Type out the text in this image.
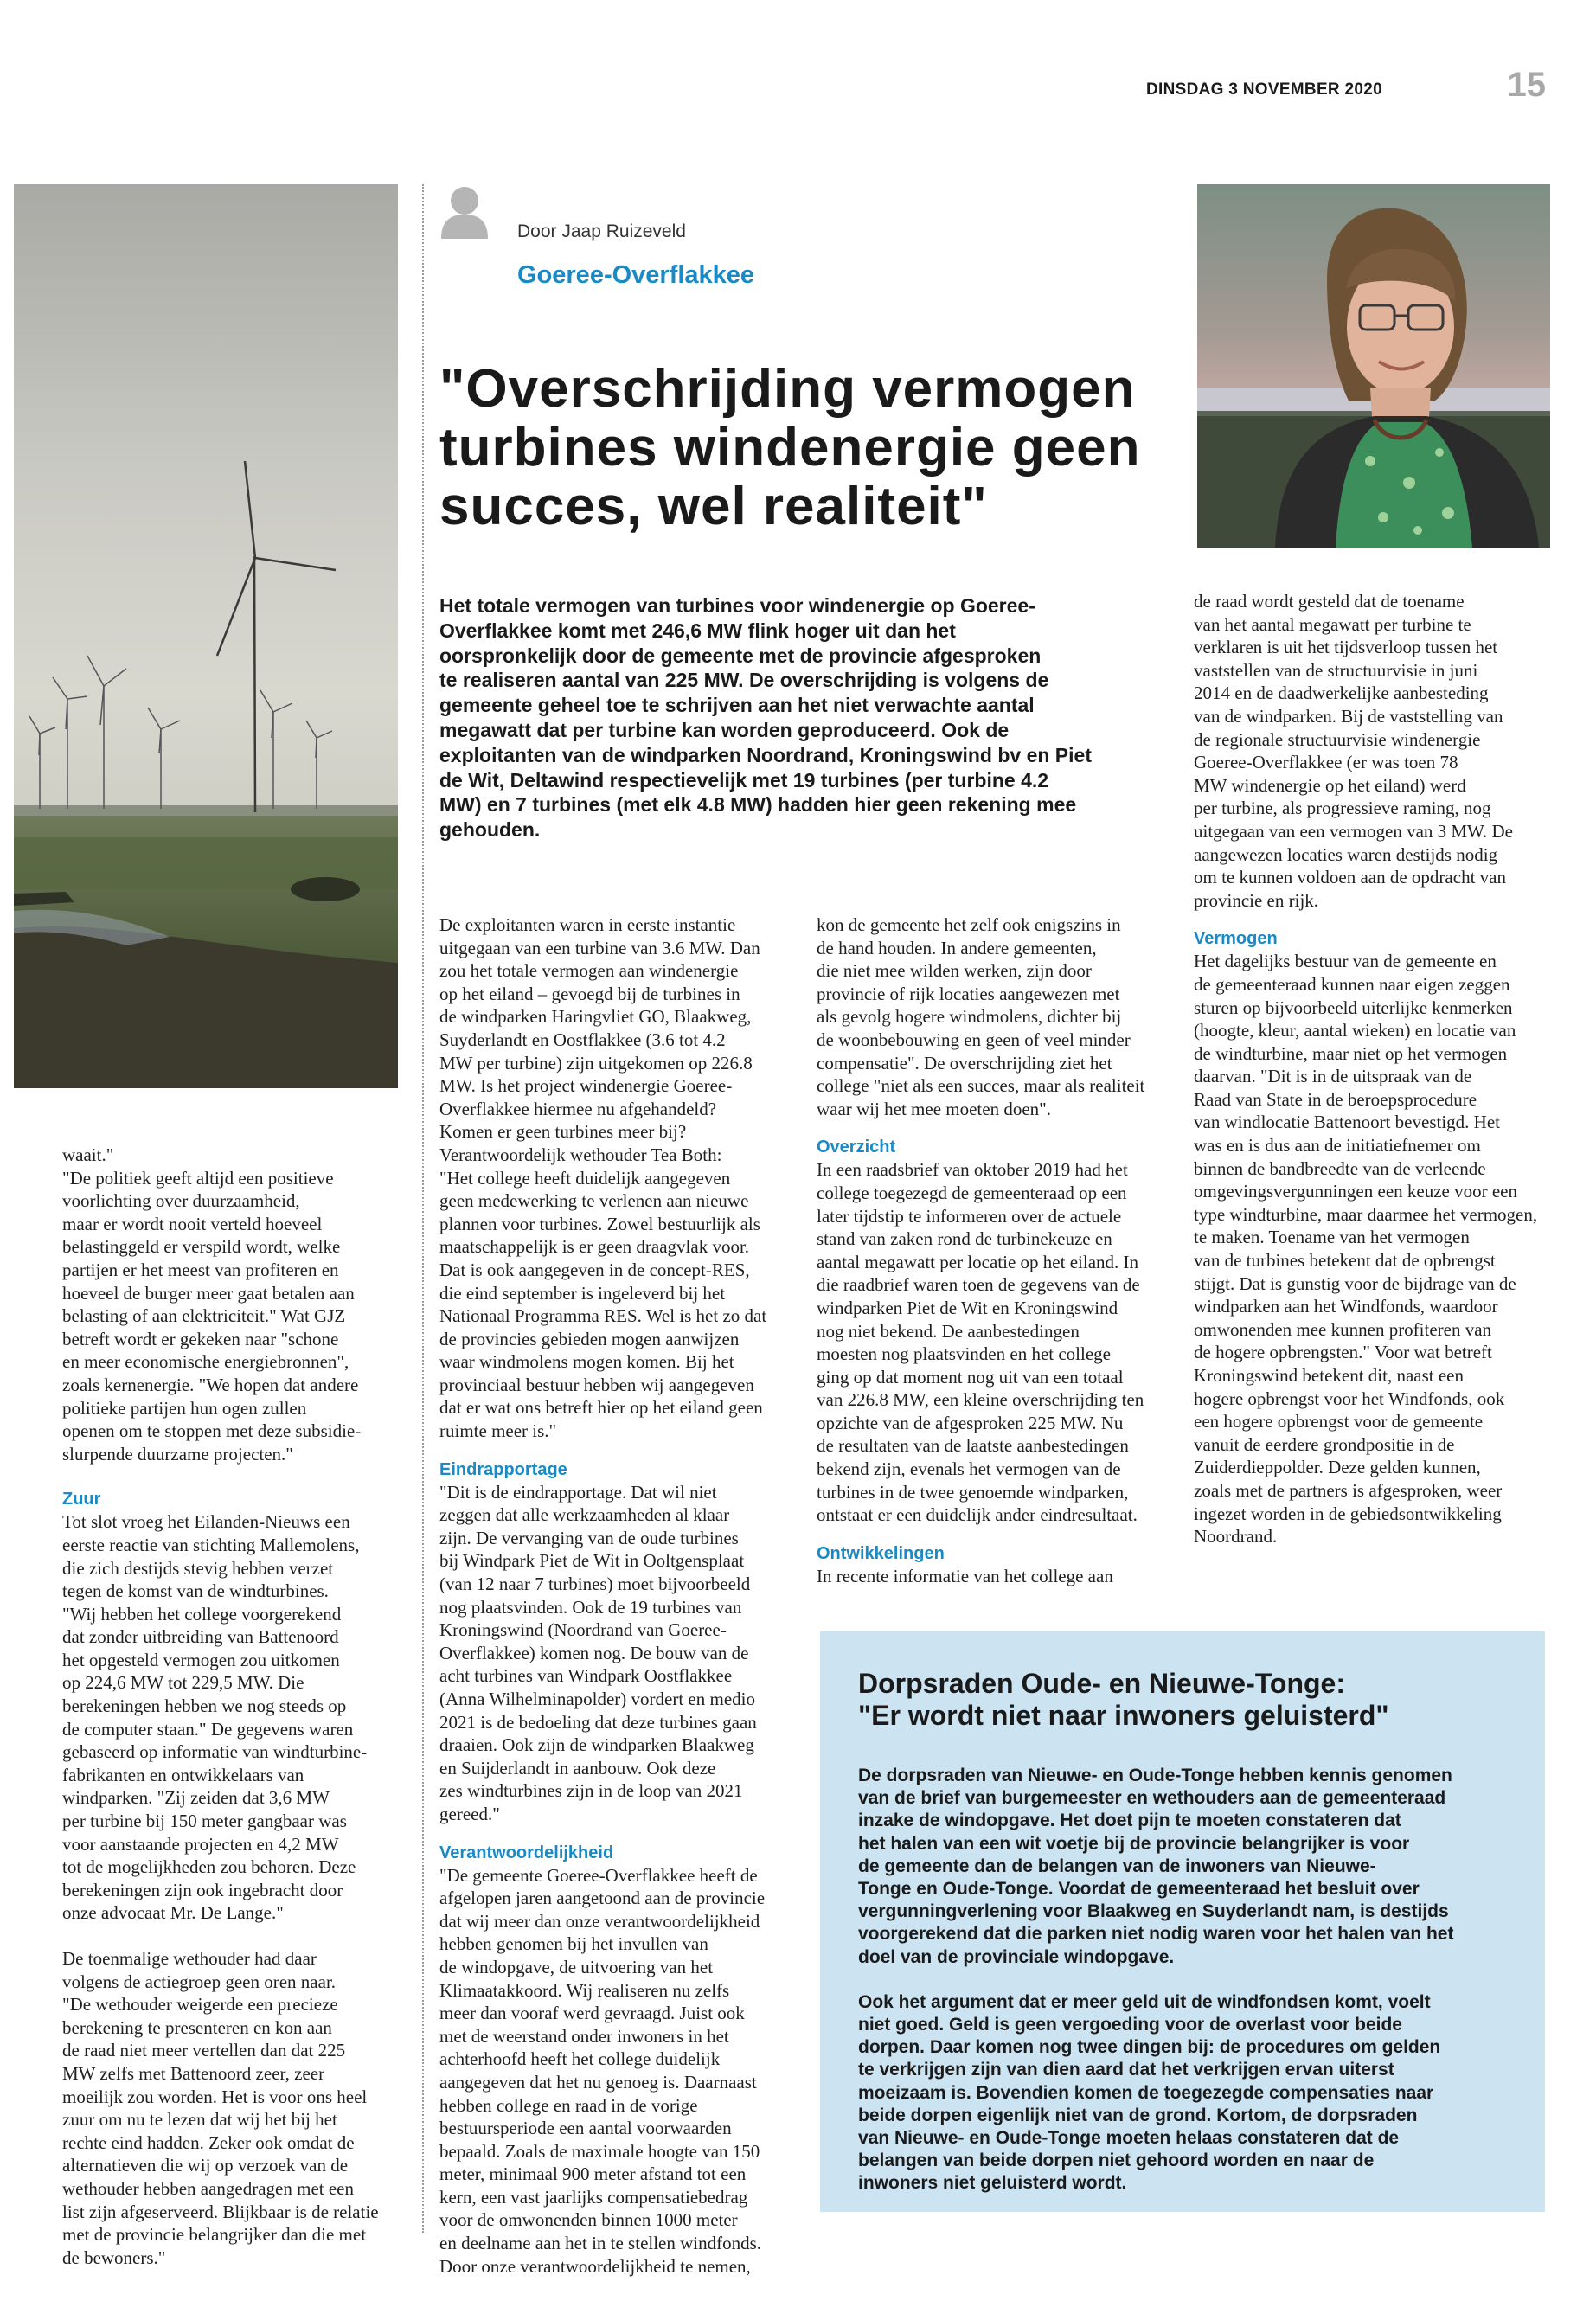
DINSDAG 3 NOVEMBER 2020	15
Door Jaap Ruizeveld
Goeree-Overflakkee
"Overschrijding vermogen
turbines windenergie geen
succes, wel realiteit"
Het totale vermogen van turbines voor windenergie op Goeree-
Overflakkee komt met 246,6 MW flink hoger uit dan het
oorspronkelijk door de gemeente met de provincie afgesproken
te realiseren aantal van 225 MW. De overschrijding is volgens de
gemeente geheel toe te schrijven aan het niet verwachte aantal
megawatt dat per turbine kan worden geproduceerd. Ook de
exploitanten van de windparken Noordrand, Kroningswind bv en Piet
de Wit, Deltawind respectievelijk met 19 turbines (per turbine 4.2
MW) en 7 turbines (met elk 4.8 MW) hadden hier geen rekening mee
gehouden.

waait."
"De politiek geeft altijd een positieve
voorlichting over duurzaamheid,
maar er wordt nooit verteld hoeveel
belastinggeld er verspild wordt, welke
partijen er het meest van profiteren en
hoeveel de burger meer gaat betalen aan
belasting of aan elektriciteit." Wat GJZ
betreft wordt er gekeken naar "schone
en meer economische energiebronnen",
zoals kernenergie. "We hopen dat andere
politieke partijen hun ogen zullen
openen om te stoppen met deze subsidie-
slurpende duurzame projecten."

Zuur

Tot slot vroeg het Eilanden-Nieuws een
eerste reactie van stichting Mallemolens,
die zich destijds stevig hebben verzet
tegen de komst van de windturbines.
"Wij hebben het college voorgerekend
dat zonder uitbreiding van Battenoord
het opgesteld vermogen zou uitkomen
op 224,6 MW tot 229,5 MW. Die
berekeningen hebben we nog steeds op
de computer staan." De gegevens waren
gebaseerd op informatie van windturbine-
fabrikanten en ontwikkelaars van
windparken. "Zij zeiden dat 3,6 MW
per turbine bij 150 meter gangbaar was
voor aanstaande projecten en 4,2 MW
tot de mogelijkheden zou behoren. Deze
berekeningen zijn ook ingebracht door
onze advocaat Mr. De Lange."

De toenmalige wethouder had daar
volgens de actiegroep geen oren naar.
"De wethouder weigerde een precieze
berekening te presenteren en kon aan
de raad niet meer vertellen dan dat 225
MW zelfs met Battenoord zeer, zeer
moeilijk zou worden. Het is voor ons heel
zuur om nu te lezen dat wij het bij het
rechte eind hadden. Zeker ook omdat de
alternatieven die wij op verzoek van de
wethouder hebben aangedragen met een
list zijn afgeserveerd. Blijkbaar is de relatie
met de provincie belangrijker dan die met
de bewoners."

De exploitanten waren in eerste instantie
uitgegaan van een turbine van 3.6 MW. Dan
zou het totale vermogen aan windenergie
op het eiland – gevoegd bij de turbines in
de windparken Haringvliet GO, Blaakweg,
Suyderlandt en Oostflakkee (3.6 tot 4.2
MW per turbine) zijn uitgekomen op 226.8
MW. Is het project windenergie Goeree-
Overflakkee hiermee nu afgehandeld?
Komen er geen turbines meer bij?
Verantwoordelijk wethouder Tea Both:
"Het college heeft duidelijk aangegeven
geen medewerking te verlenen aan nieuwe
plannen voor turbines. Zowel bestuurlijk als
maatschappelijk is er geen draagvlak voor.
Dat is ook aangegeven in de concept-RES,
die eind september is ingeleverd bij het
Nationaal Programma RES. Wel is het zo dat
de provincies gebieden mogen aanwijzen
waar windmolens mogen komen. Bij het
provinciaal bestuur hebben wij aangegeven
dat er wat ons betreft hier op het eiland geen
ruimte meer is."

Eindrapportage

"Dit is de eindrapportage. Dat wil niet
zeggen dat alle werkzaamheden al klaar
zijn. De vervanging van de oude turbines
bij Windpark Piet de Wit in Ooltgensplaat
(van 12 naar 7 turbines) moet bijvoorbeeld
nog plaatsvinden. Ook de 19 turbines van
Kroningswind (Noordrand van Goeree-
Overflakkee) komen nog. De bouw van de
acht turbines van Windpark Oostflakkee
(Anna Wilhelminapolder) vordert en medio
2021 is de bedoeling dat deze turbines gaan
draaien. Ook zijn de windparken Blaakweg
en Suijderlandt in aanbouw. Ook deze
zes windturbines zijn in de loop van 2021
gereed."

Verantwoordelijkheid

"De gemeente Goeree-Overflakkee heeft de
afgelopen jaren aangetoond aan de provincie
dat wij meer dan onze verantwoordelijkheid
hebben genomen bij het invullen van
de windopgave, de uitvoering van het
Klimaatakkoord. Wij realiseren nu zelfs
meer dan vooraf werd gevraagd. Juist ook
met de weerstand onder inwoners in het
achterhoofd heeft het college duidelijk
aangegeven dat het nu genoeg is. Daarnaast
hebben college en raad in de vorige
bestuursperiode een aantal voorwaarden
bepaald. Zoals de maximale hoogte van 150
meter, minimaal 900 meter afstand tot een
kern, een vast jaarlijks compensatiebedrag
voor de omwonenden binnen 1000 meter
en deelname aan het in te stellen windfonds.
Door onze verantwoordelijkheid te nemen,

kon de gemeente het zelf ook enigszins in
de hand houden. In andere gemeenten,
die niet mee wilden werken, zijn door
provincie of rijk locaties aangewezen met
als gevolg hogere windmolens, dichter bij
de woonbebouwing en geen of veel minder
compensatie". De overschrijding ziet het
college "niet als een succes, maar als realiteit
waar wij het mee moeten doen".

Overzicht

In een raadsbrief van oktober 2019 had het
college toegezegd de gemeenteraad op een
later tijdstip te informeren over de actuele
stand van zaken rond de turbinekeuze en
aantal megawatt per locatie op het eiland. In
die raadbrief waren toen de gegevens van de
windparken Piet de Wit en Kroningswind
nog niet bekend. De aanbestedingen
moesten nog plaatsvinden en het college
ging op dat moment nog uit van een totaal
van 226.8 MW, een kleine overschrijding ten
opzichte van de afgesproken 225 MW. Nu
de resultaten van de laatste aanbestedingen
bekend zijn, evenals het vermogen van de
turbines in de twee genoemde windparken,
ontstaat er een duidelijk ander eindresultaat.

Ontwikkelingen

In recente informatie van het college aan

de raad wordt gesteld dat de toename
van het aantal megawatt per turbine te
verklaren is uit het tijdsverloop tussen het
vaststellen van de structuurvisie in juni
2014 en de daadwerkelijke aanbesteding
van de windparken. Bij de vaststelling van
de regionale structuurvisie windenergie
Goeree-Overflakkee (er was toen 78
MW windenergie op het eiland) werd
per turbine, als progressieve raming, nog
uitgegaan van een vermogen van 3 MW. De
aangewezen locaties waren destijds nodig
om te kunnen voldoen aan de opdracht van
provincie en rijk.

Vermogen

Het dagelijks bestuur van de gemeente en
de gemeenteraad kunnen naar eigen zeggen
sturen op bijvoorbeeld uiterlijke kenmerken
(hoogte, kleur, aantal wieken) en locatie van
de windturbine, maar niet op het vermogen
daarvan. "Dit is in de uitspraak van de
Raad van State in de beroepsprocedure
van windlocatie Battenoort bevestigd. Het
was en is dus aan de initiatiefnemer om
binnen de bandbreedte van de verleende
omgevingsvergunningen een keuze voor een
type windturbine, maar daarmee het vermogen,
te maken. Toename van het vermogen
van de turbines betekent dat de opbrengst
stijgt. Dat is gunstig voor de bijdrage van de
windparken aan het Windfonds, waardoor
omwonenden mee kunnen profiteren van
de hogere opbrengsten." Voor wat betreft
Kroningswind betekent dit, naast een
hogere opbrengst voor het Windfonds, ook
een hogere opbrengst voor de gemeente
vanuit de eerdere grondpositie in de
Zuiderdieppolder. Deze gelden kunnen,
zoals met de partners is afgesproken, weer
ingezet worden in de gebiedsontwikkeling
Noordrand.

Dorpsraden Oude- en Nieuwe-Tonge:
"Er wordt niet naar inwoners geluisterd"

De dorpsraden van Nieuwe- en Oude-Tonge hebben kennis genomen
van de brief van burgemeester en wethouders aan de gemeenteraad
inzake de windopgave. Het doet pijn te moeten constateren dat
het halen van een wit voetje bij de provincie belangrijker is voor
de gemeente dan de belangen van de inwoners van Nieuwe-
Tonge en Oude-Tonge. Voordat de gemeenteraad het besluit over
vergunningverlening voor Blaakweg en Suyderlandt nam, is destijds
voorgerekend dat die parken niet nodig waren voor het halen van het
doel van de provinciale windopgave.

Ook het argument dat er meer geld uit de windfondsen komt, voelt
niet goed. Geld is geen vergoeding voor de overlast voor beide
dorpen. Daar komen nog twee dingen bij: de procedures om gelden
te verkrijgen zijn van dien aard dat het verkrijgen ervan uiterst
moeizaam is. Bovendien komen de toegezegde compensaties naar
beide dorpen eigenlijk niet van de grond. Kortom, de dorpsraden
van Nieuwe- en Oude-Tonge moeten helaas constateren dat de
belangen van beide dorpen niet gehoord worden en naar de
inwoners niet geluisterd wordt.
